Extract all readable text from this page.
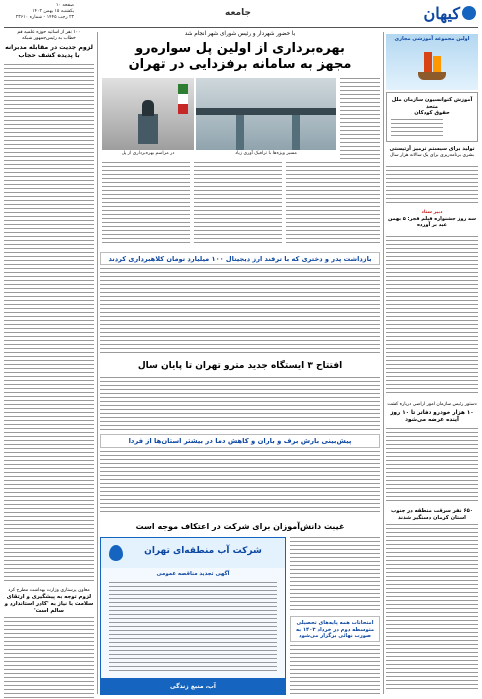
کیهان
جامعه
صفحه ۱۰
یکشنبه ۱۵ بهمن ۱۴۰۲
۲۳ رجب ۱۴۴۵ - شماره ۲۳۶۱۰
۱۰۰ نفر از اساتید حوزه علمیه قم
خطاب به رئیس‌جمهور شبکه
لزوم جدیت در مقابله مدبرانه با پدیده کشف حجاب
معاون پرستاری وزارت بهداشت مطرح کرد
لزوم توجه به پیشگیری و ارتقای سلامت با نیاز به 'کادر استاندارد و سالم است'
اولین مجموعه آموزشی مجازی
آموزش کنوانسیون سازمان ملل متحد
حقوق کودکان
تولید برای سیستم ترمیز آرتیستی
بشری برنامه‌ریزی برای یک سالانه هزار سال
دبیر ستاد
سه روز جشنواره فیلم فجر: ۵ بهمن عید بر آورده
دستور رئیس سازمان امور اراضی درباره کشت
۱۰ هزار خودرو دفاتر تا ۱۰ روز آینده عرضه می‌شود
۶۵۰ نفر سرقت منطقه در جنوب استان کرمان دستگیر شدند
با حضور شهردار و رئیس شورای شهر انجام شد
بهره‌برداری از اولین پل سواره‌رو
مجهز به سامانه برفزدایی در تهران
مسیر ویژه‌ها با ترافیک آوری زیاد
در مراسم بهره‌برداری از پل
بازداشت پدر و دختری که با ترفند ارز دیجیتال ۱۰۰ میلیارد تومان کلاهبرداری کردند
افتتاح ۳ ایستگاه جدید مترو تهران تا پایان سال
پیش‌بینی بارش برف و باران و کاهش دما در بیشتر استان‌ها از فردا
غیبت دانش‌آموزان برای شرکت در اعتکاف موجه است
امتحانات همه پایه‌های تحصیلی متوسطه دوم در خرداد ۱۴۰۳ به صورت نهائی برگزار می‌شود
شرکت آب منطقه‌ای تهران
آگهی تجدید مناقصه عمومی
آب، منبع زندگی
